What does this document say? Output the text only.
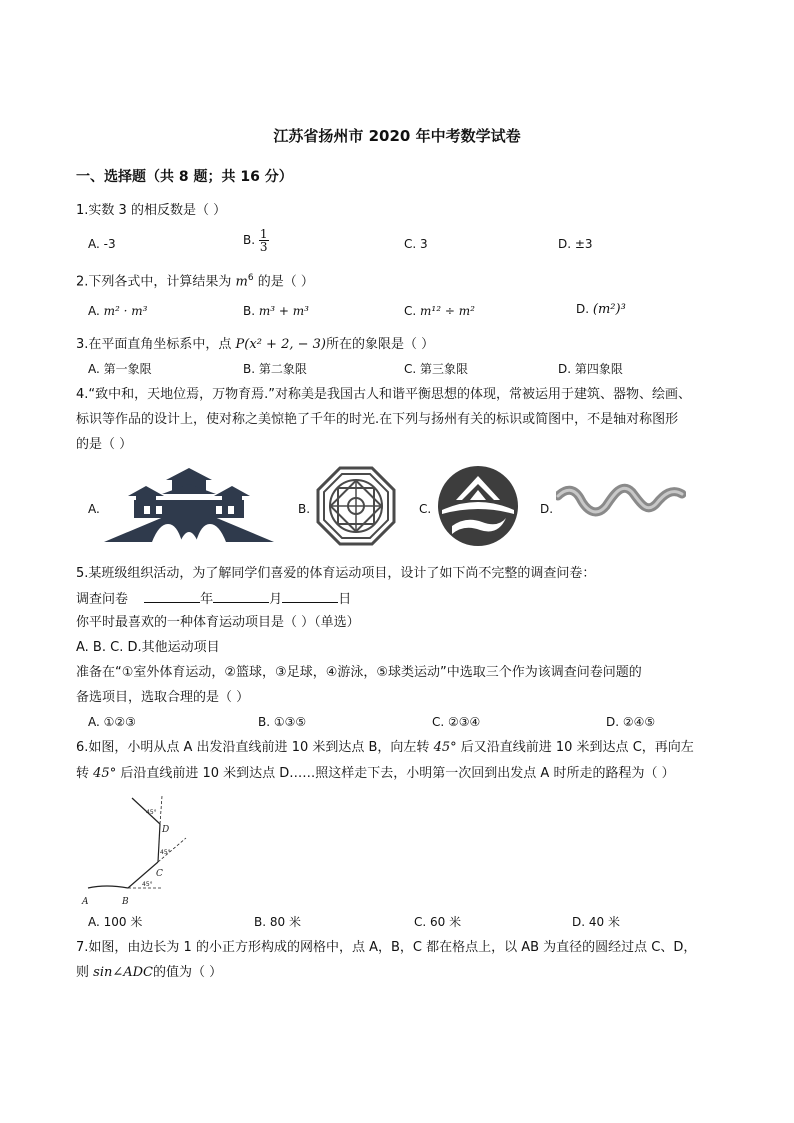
江苏省扬州市 2020 年中考数学试卷
一、选择题（共 8 题；共 16 分）
1.实数 3 的相反数是（ ）
A. -3	B. $\frac{1}{3}$	C. 3	D. ±3
2.下列各式中，计算结果为 $m^6$ 的是（ ）
A. m² · m³	B. m³ + m³	C. m¹² ÷ m²	D. (m²)³
3.在平面直角坐标系中，点 P(x² + 2, − 3)所在的象限是（ ）
A. 第一象限	B. 第二象限	C. 第三象限	D. 第四象限
4.“致中和，天地位焉，万物育焉.”对称美是我国古人和谐平衡思想的体现，常被运用于建筑、器物、绘画、
标识等作品的设计上，使对称之美惊艳了千年的时光.在下列与扬州有关的标识或简图中，不是轴对称图形
的是（ ）
A.	B.	C.	D.
5.某班级组织活动，为了解同学们喜爱的体育运动项目，设计了如下尚不完整的调查问卷：
调查问卷	年	月	日
你平时最喜欢的一种体育运动项目是（ ）（单选）
A. B. C. D.其他运动项目
准备在“①室外体育运动，②篮球，③足球，④游泳，⑤球类运动”中选取三个作为该调查问卷问题的
备选项目，选取合理的是（ ）
A. ①②③	B. ①③⑤	C. ②③④	D. ②④⑤
6.如图，小明从点 A 出发沿直线前进 10 米到达点 B，向左转 45° 后又沿直线前进 10 米到达点 C，再向左
转 45° 后沿直线前进 10 米到达点 D……照这样走下去，小明第一次回到出发点 A 时所走的路程为（ ）
A	B
C
D
45°
45°
45°
A. 100 米	B. 80 米	C. 60 米	D. 40 米
7.如图，由边长为 1 的小正方形构成的网格中，点 A，B，C 都在格点上，以 AB 为直径的圆经过点 C、D，
则 sin∠ADC的值为（ ）
